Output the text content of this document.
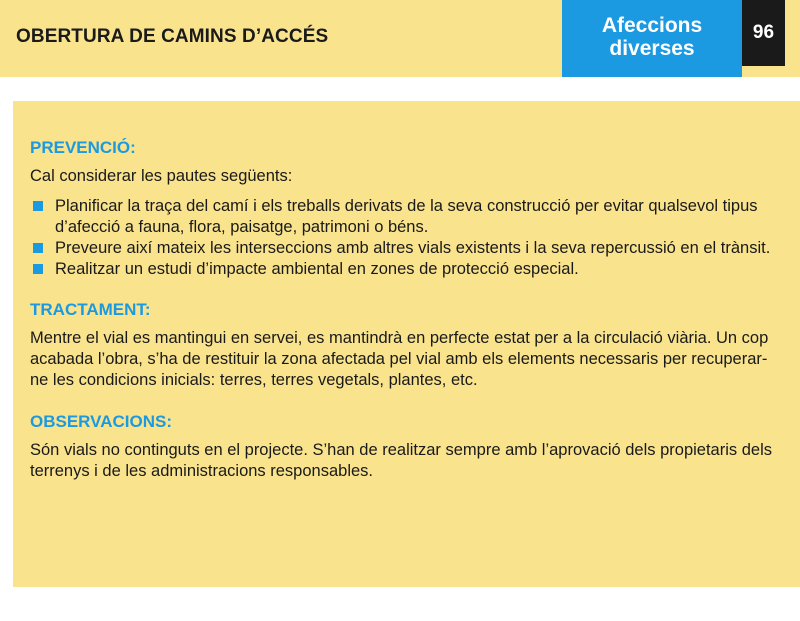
OBERTURA DE CAMINS D’ACCÉS	Afeccions
diverses
96
PREVENCIÓ:

Cal considerar les pautes següents:

Planificar la traça del camí i els treballs derivats de la seva construcció per evitar qualsevol tipus d’afecció a fauna, flora, paisatge, patrimoni o béns.
Preveure així mateix les interseccions amb altres vials existents i la seva repercussió en el trànsit.
Realitzar un estudi d’impacte ambiental en zones de protecció especial.
TRACTAMENT:

Mentre el vial es mantingui en servei, es mantindrà en perfecte estat per a la circulació viària. Un cop acabada l’obra, s’ha de restituir la zona afectada pel vial amb els elements necessaris per recuperar-ne les condicions inicials: terres, terres vegetals, plantes, etc.

OBSERVACIONS:

Són vials no continguts en el projecte. S’han de realitzar sempre amb l’aprovació dels propietaris dels terrenys i de les administracions responsables.
